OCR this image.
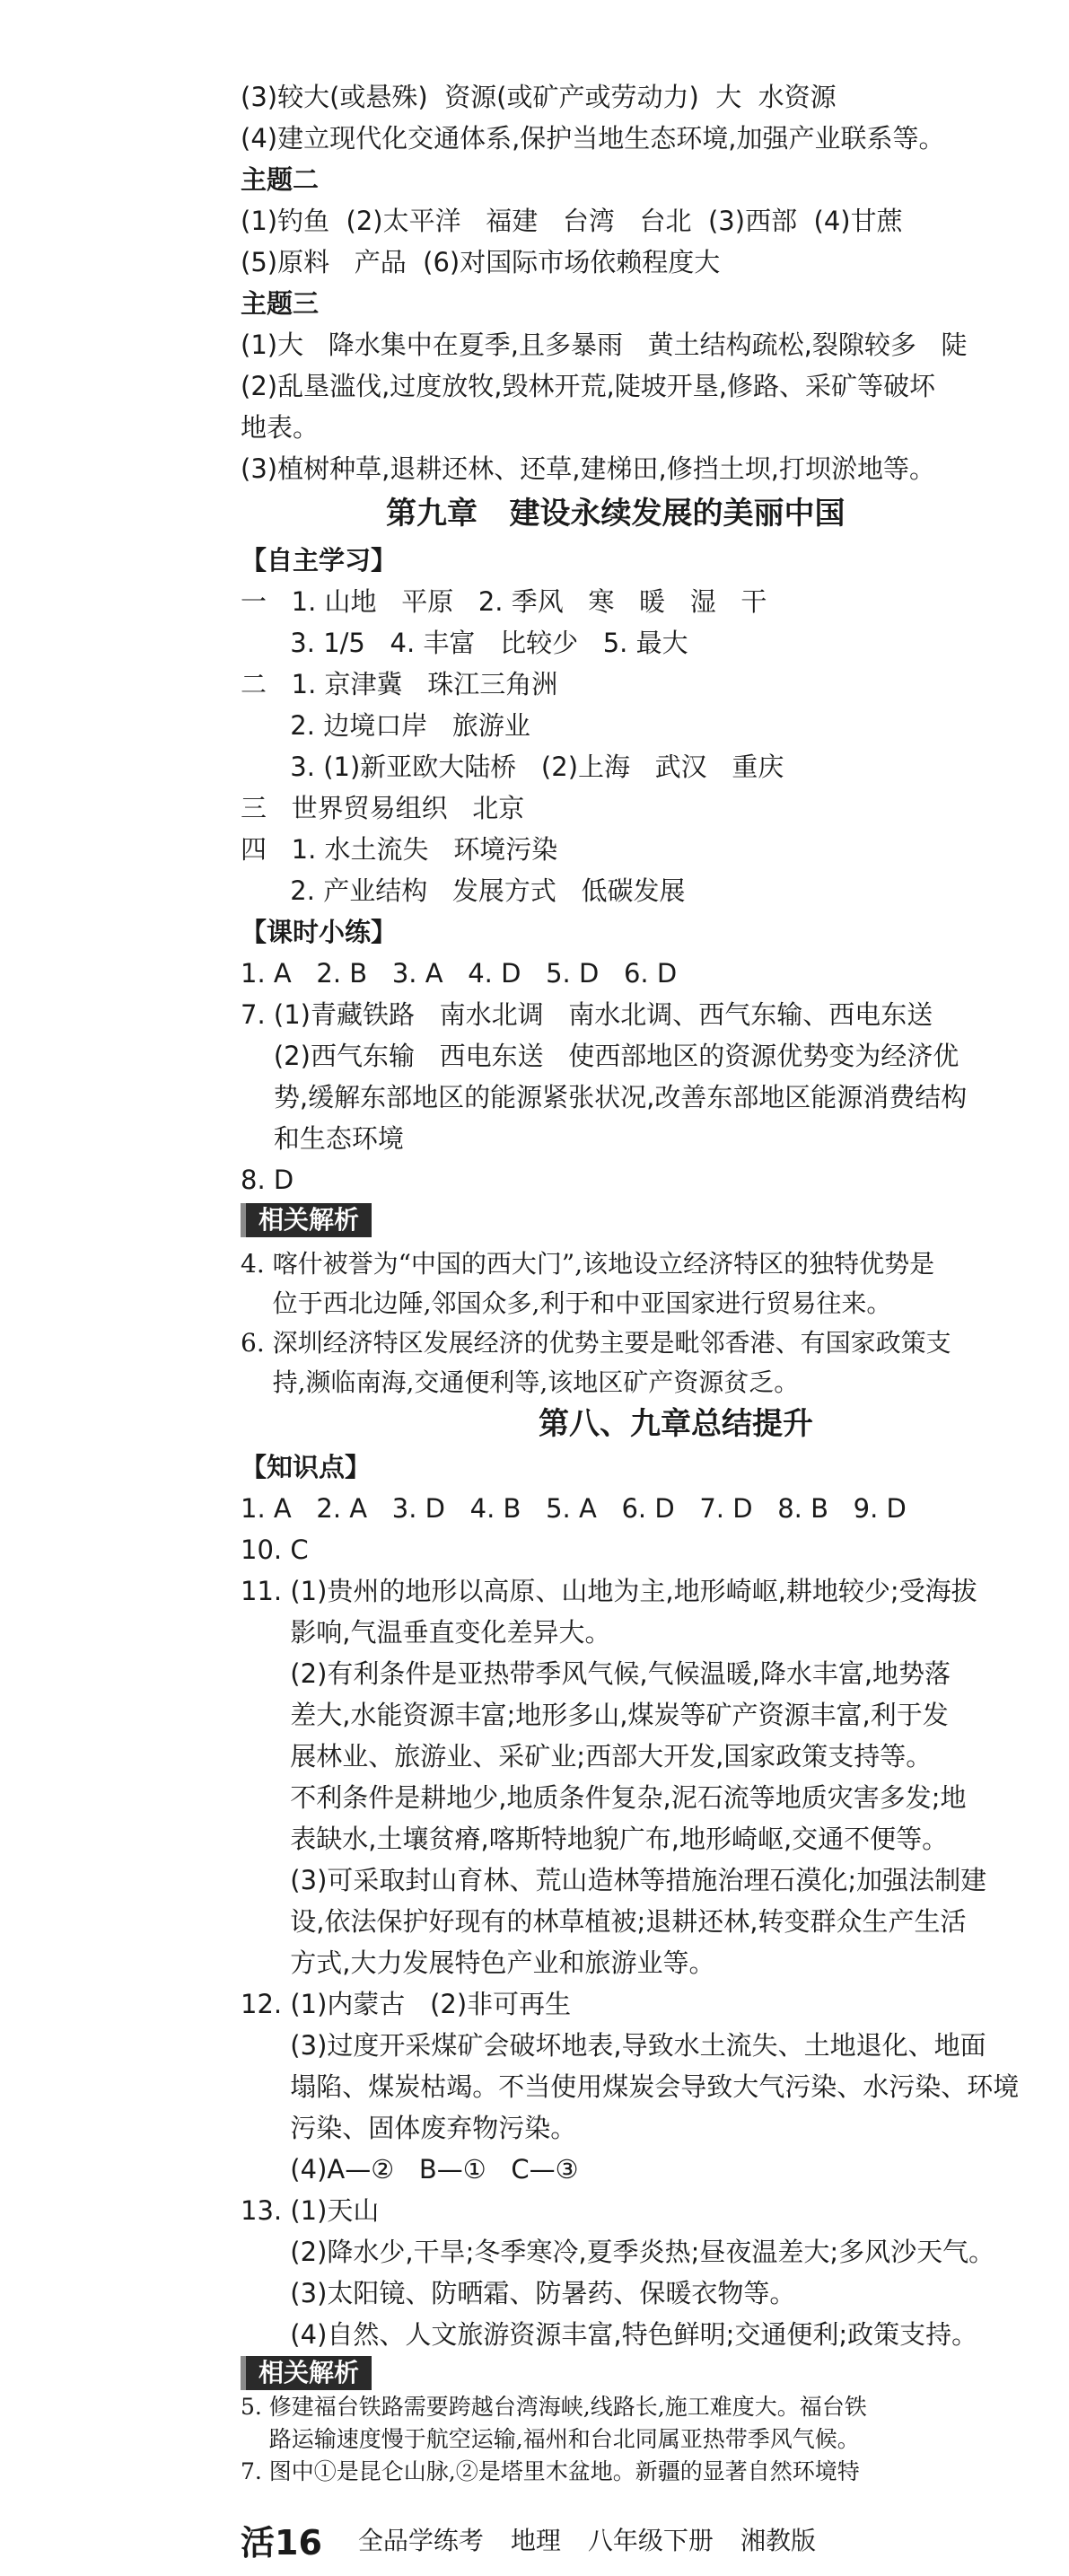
(3)较大(或悬殊)  资源(或矿产或劳动力)  大  水资源
(4)建立现代化交通体系,保护当地生态环境,加强产业联系等。
主题二
(1)钓鱼  (2)太平洋   福建   台湾   台北  (3)西部  (4)甘蔗
(5)原料   产品  (6)对国际市场依赖程度大
主题三
(1)大   降水集中在夏季,且多暴雨   黄土结构疏松,裂隙较多   陡
(2)乱垦滥伐,过度放牧,毁林开荒,陡坡开垦,修路、采矿等破坏
地表。
(3)植树种草,退耕还林、还草,建梯田,修挡土坝,打坝淤地等。
第九章   建设永续发展的美丽中国
【自主学习】
一   1. 山地   平原   2. 季风   寒   暖   湿   干
3. 1/5   4. 丰富   比较少   5. 最大
二   1. 京津冀   珠江三角洲
2. 边境口岸   旅游业
3. (1)新亚欧大陆桥   (2)上海   武汉   重庆
三   世界贸易组织   北京
四   1. 水土流失   环境污染
2. 产业结构   发展方式   低碳发展
【课时小练】
1. A   2. B   3. A   4. D   5. D   6. D
7. (1)青藏铁路   南水北调   南水北调、西气东输、西电东送
(2)西气东输   西电东送   使西部地区的资源优势变为经济优
势,缓解东部地区的能源紧张状况,改善东部地区能源消费结构
和生态环境
8. D
相关解析
4. 喀什被誉为“中国的西大门”,该地设立经济特区的独特优势是
位于西北边陲,邻国众多,利于和中亚国家进行贸易往来。
6. 深圳经济特区发展经济的优势主要是毗邻香港、有国家政策支
持,濒临南海,交通便利等,该地区矿产资源贫乏。
第八、九章总结提升
【知识点】
1. A   2. A   3. D   4. B   5. A   6. D   7. D   8. B   9. D
10. C
11. (1)贵州的地形以高原、山地为主,地形崎岖,耕地较少;受海拔
影响,气温垂直变化差异大。
(2)有利条件是亚热带季风气候,气候温暖,降水丰富,地势落
差大,水能资源丰富;地形多山,煤炭等矿产资源丰富,利于发
展林业、旅游业、采矿业;西部大开发,国家政策支持等。
不利条件是耕地少,地质条件复杂,泥石流等地质灾害多发;地
表缺水,土壤贫瘠,喀斯特地貌广布,地形崎岖,交通不便等。
(3)可采取封山育林、荒山造林等措施治理石漠化;加强法制建
设,依法保护好现有的林草植被;退耕还林,转变群众生产生活
方式,大力发展特色产业和旅游业等。
12. (1)内蒙古   (2)非可再生
(3)过度开采煤矿会破坏地表,导致水土流失、土地退化、地面
塌陷、煤炭枯竭。不当使用煤炭会导致大气污染、水污染、环境
污染、固体废弃物污染。
(4)A—②   B—①   C—③
13. (1)天山
(2)降水少,干旱;冬季寒冷,夏季炎热;昼夜温差大;多风沙天气。
(3)太阳镜、防晒霜、防暑药、保暖衣物等。
(4)自然、人文旅游资源丰富,特色鲜明;交通便利;政策支持。
相关解析
5. 修建福台铁路需要跨越台湾海峡,线路长,施工难度大。福台铁
路运输速度慢于航空运输,福州和台北同属亚热带季风气候。
7. 图中①是昆仑山脉,②是塔里木盆地。新疆的显著自然环境特
活16 全品学练考 地理 八年级下册 湘教版
